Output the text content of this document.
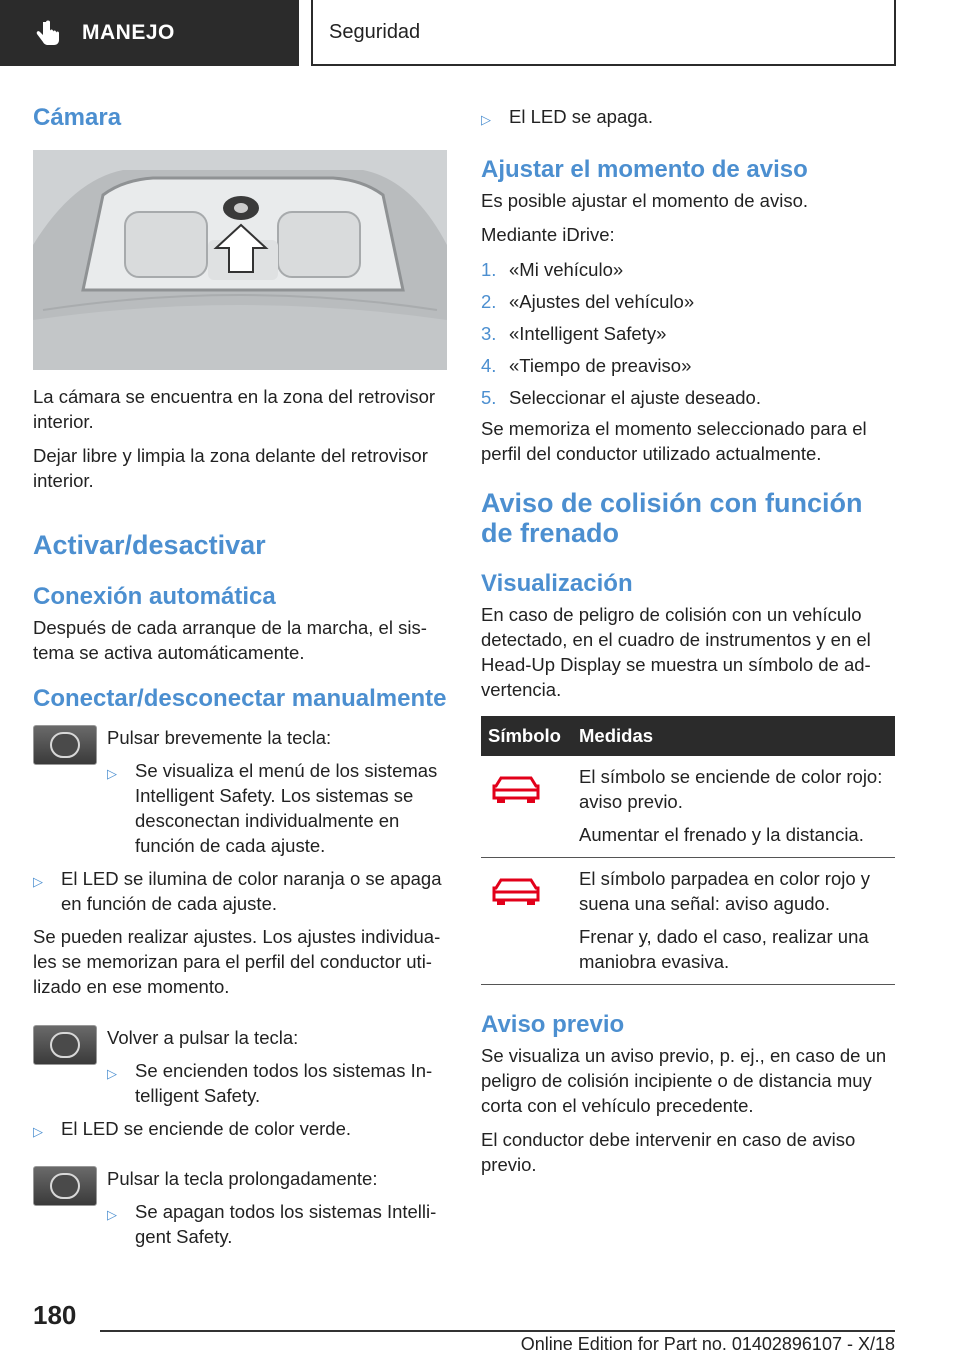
MANEJO	Seguridad
Cámara

La cámara se encuentra en la zona del retrovisor interior.

Dejar libre y limpia la zona delante del retrovisor interior.

Activar/desactivar
Conexión automática

Después de cada arranque de la marcha, el sis-tema se activa automáticamente.

Conectar/desconectar manualmente

Pulsar brevemente la tecla:

▷ Se visualiza el menú de los sistemas Intelligent Safety. Los sistemas se desconectan individualmente en función de cada ajuste.
▷ El LED se ilumina de color naranja o se apaga en función de cada ajuste.

Se pueden realizar ajustes. Los ajustes individua-les se memorizan para el perfil del conductor uti-lizado en ese momento.

Volver a pulsar la tecla:

▷ Se encienden todos los sistemas In-telligent Safety.
▷ El LED se enciende de color verde.

Pulsar la tecla prolongadamente:

▷ Se apagan todos los sistemas Intelli-gent Safety.
▷ El LED se apaga.
Ajustar el momento de aviso

Es posible ajustar el momento de aviso.

Mediante iDrive:

1. «Mi vehículo»
2. «Ajustes del vehículo»
3. «Intelligent Safety»
4. «Tiempo de preaviso»
5. Seleccionar el ajuste deseado.

Se memoriza el momento seleccionado para el perfil del conductor utilizado actualmente.

Aviso de colisión con función de frenado
Visualización

En caso de peligro de colisión con un vehículo detectado, en el cuadro de instrumentos y en el Head-Up Display se muestra un símbolo de ad-vertencia.

Símbolo	Medidas

El símbolo se enciende de color rojo: aviso previo.
Aumentar el frenado y la distancia.

El símbolo parpadea en color rojo y suena una señal: aviso agudo.
Frenar y, dado el caso, realizar una maniobra evasiva.
Aviso previo

Se visualiza un aviso previo, p. ej., en caso de un peligro de colisión incipiente o de distancia muy corta con el vehículo precedente.

El conductor debe intervenir en caso de aviso previo.

180
Online Edition for Part no. 01402896107 - X/18
